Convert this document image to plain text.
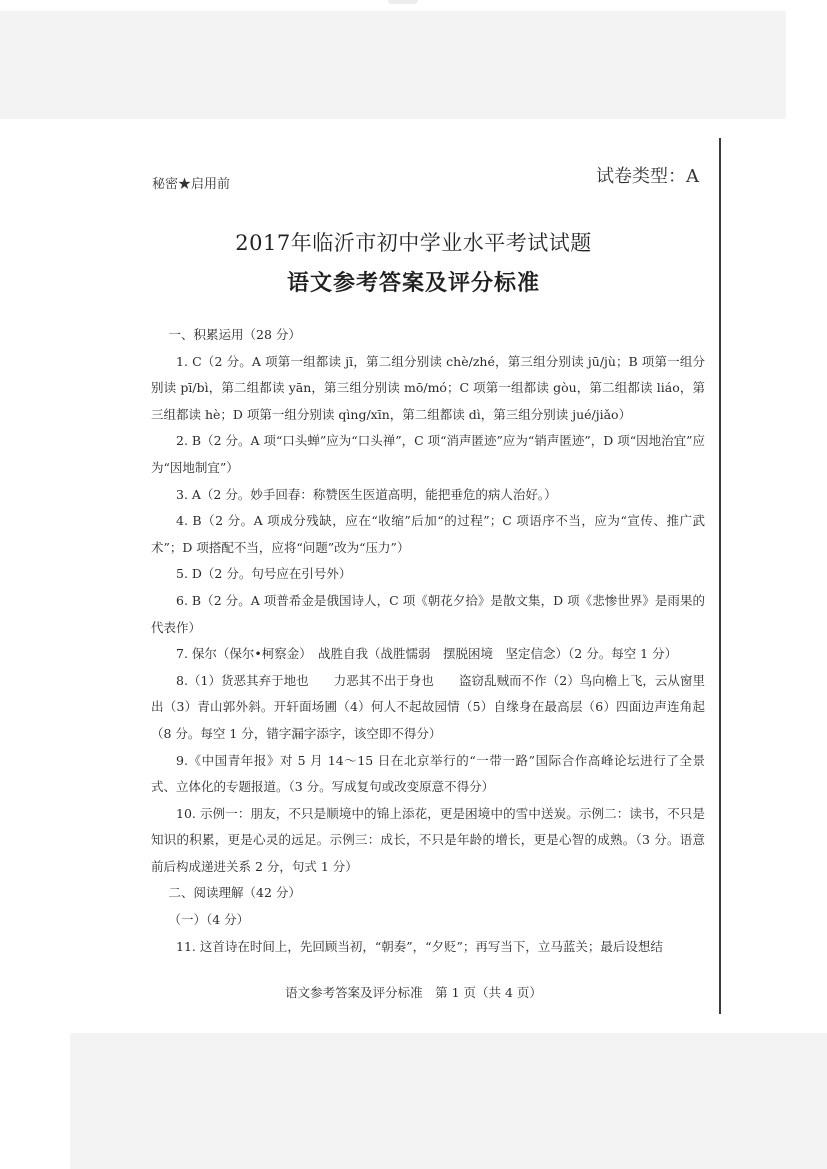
秘密★启用前	试卷类型：A
2017年临沂市初中学业水平考试试题
语文参考答案及评分标准

一、积累运用（28 分）

1. C（2 分。A 项第一组都读 jī，第二组分别读 chè/zhé，第三组分别读 jū/jù；B 项第一组分别读 pī/bì，第二组都读 yān，第三组分别读 mō/mó；C 项第一组都读 gòu，第二组都读 liáo，第三组都读 hè；D 项第一组分别读 qìng/xīn，第二组都读 dì，第三组分别读 jué/jiǎo）

2. B（2 分。A 项“口头蝉”应为“口头禅”，C 项“消声匿迹”应为“销声匿迹”，D 项“因地治宜”应为“因地制宜”）

3. A（2 分。妙手回春：称赞医生医道高明，能把垂危的病人治好。）

4. B（2 分。A 项成分残缺，应在“收缩”后加“的过程”；C 项语序不当，应为“宣传、推广武术”；D 项搭配不当，应将“问题”改为“压力”）

5. D（2 分。句号应在引号外）

6. B（2 分。A 项普希金是俄国诗人，C 项《朝花夕拾》是散文集，D 项《悲惨世界》是雨果的代表作）

7. 保尔（保尔•柯察金）　战胜自我（战胜懦弱　摆脱困境　坚定信念）（2 分。每空 1 分）

8.（1）货恶其弃于地也　　力恶其不出于身也　　盗窃乱贼而不作（2）鸟向檐上飞，云从窗里出（3）青山郭外斜。开轩面场圃（4）何人不起故园情（5）自缘身在最高层（6）四面边声连角起（8 分。每空 1 分，错字漏字添字，该空即不得分）

9.《中国青年报》对 5 月 14～15 日在北京举行的“一带一路”国际合作高峰论坛进行了全景式、立体化的专题报道。（3 分。写成复句或改变原意不得分）

10. 示例一：朋友，不只是顺境中的锦上添花，更是困境中的雪中送炭。示例二：读书，不只是知识的积累，更是心灵的远足。示例三：成长，不只是年龄的增长，更是心智的成熟。（3 分。语意前后构成递进关系 2 分，句式 1 分）

二、阅读理解（42 分）

（一）（4 分）

11. 这首诗在时间上，先回顾当初，“朝奏”，“夕贬”；再写当下，立马蓝关；最后设想结

语文参考答案及评分标准　第 1 页（共 4 页）
